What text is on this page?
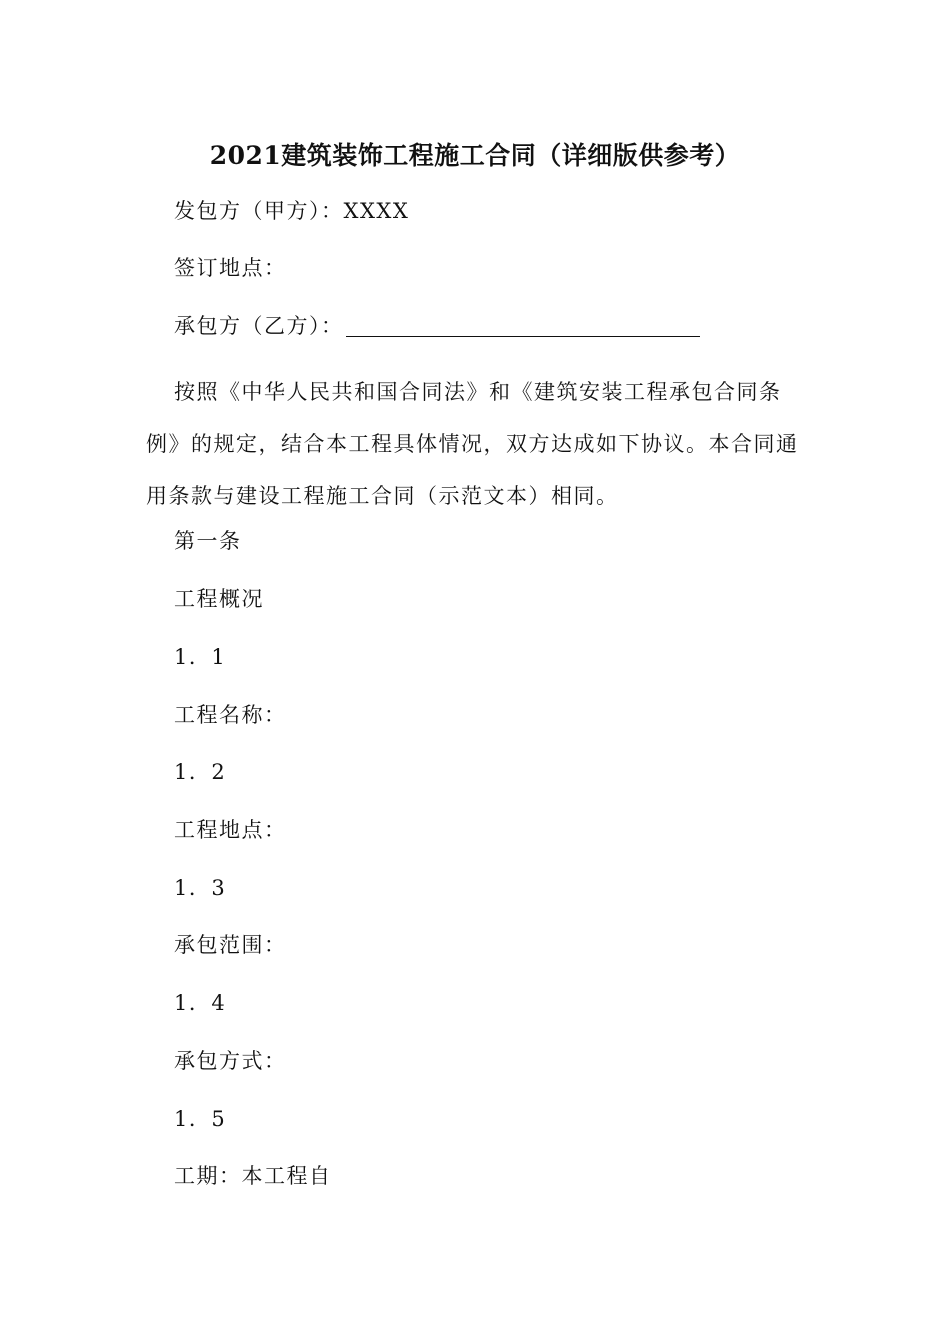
2021建筑装饰工程施工合同（详细版供参考）
发包方（甲方）：XXXX
签订地点：
承包方（乙方）：
按照《中华人民共和国合同法》和《建筑安装工程承包合同条例》的规定，结合本工程具体情况，双方达成如下协议。本合同通用条款与建设工程施工合同（示范文本）相同。
第一条
工程概况
1．1
工程名称：
1．2
工程地点：
1．3
承包范围：
1．4
承包方式：
1．5
工期：本工程自
